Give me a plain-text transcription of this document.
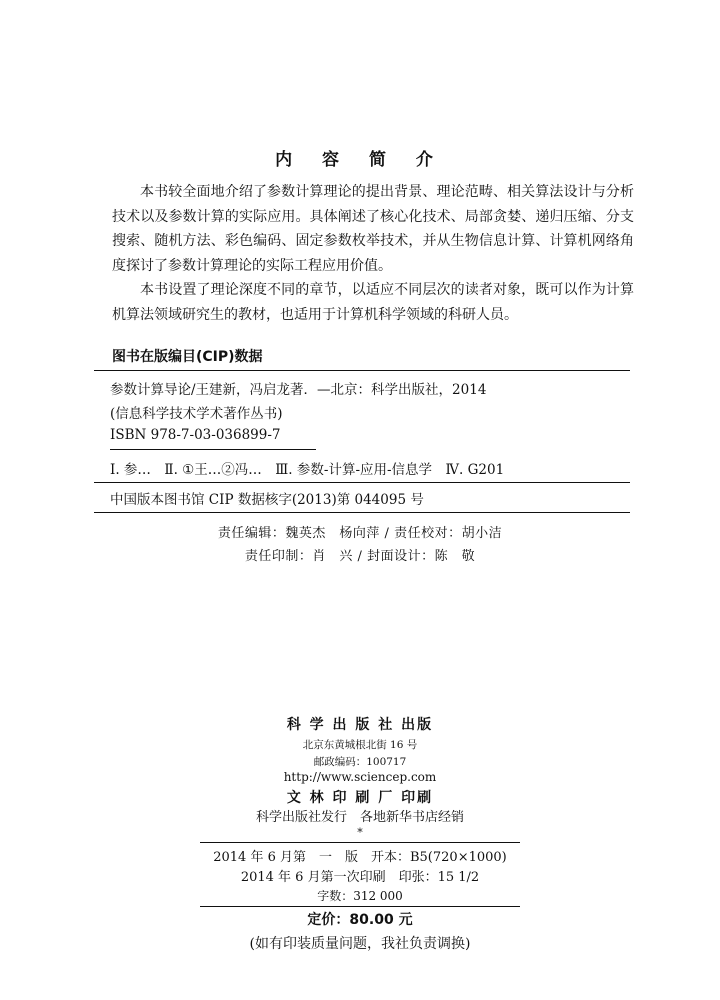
内 容 简 介

本书较全面地介绍了参数计算理论的提出背景、理论范畴、相关算法设计与分析技术以及参数计算的实际应用。具体阐述了核心化技术、局部贪婪、递归压缩、分支搜索、随机方法、彩色编码、固定参数枚举技术，并从生物信息计算、计算机网络角度探讨了参数计算理论的实际工程应用价值。

本书设置了理论深度不同的章节，以适应不同层次的读者对象，既可以作为计算机算法领域研究生的教材，也适用于计算机科学领域的科研人员。

图书在版编目(CIP)数据
参数计算导论/王建新，冯启龙著．—北京：科学出版社，2014
(信息科学技术学术著作丛书)
ISBN 978-7-03-036899-7
Ⅰ. 参…　Ⅱ. ①王…②冯…　Ⅲ. 参数-计算-应用-信息学　Ⅳ. G201
中国版本图书馆 CIP 数据核字(2013)第 044095 号
责任编辑：魏英杰　杨向萍 / 责任校对：胡小洁
责任印制：肖　兴 / 封面设计：陈　敬
科 学 出 版 社 出版
北京东黄城根北街 16 号
邮政编码：100717
http://www.sciencep.com
文 林 印 刷 厂 印刷
科学出版社发行　各地新华书店经销
*
2014 年 6 月第　一　版　开本：B5(720×1000)
2014 年 6 月第一次印刷　印张：15 1/2
字数：312 000
定价：80.00 元
(如有印装质量问题，我社负责调换)
